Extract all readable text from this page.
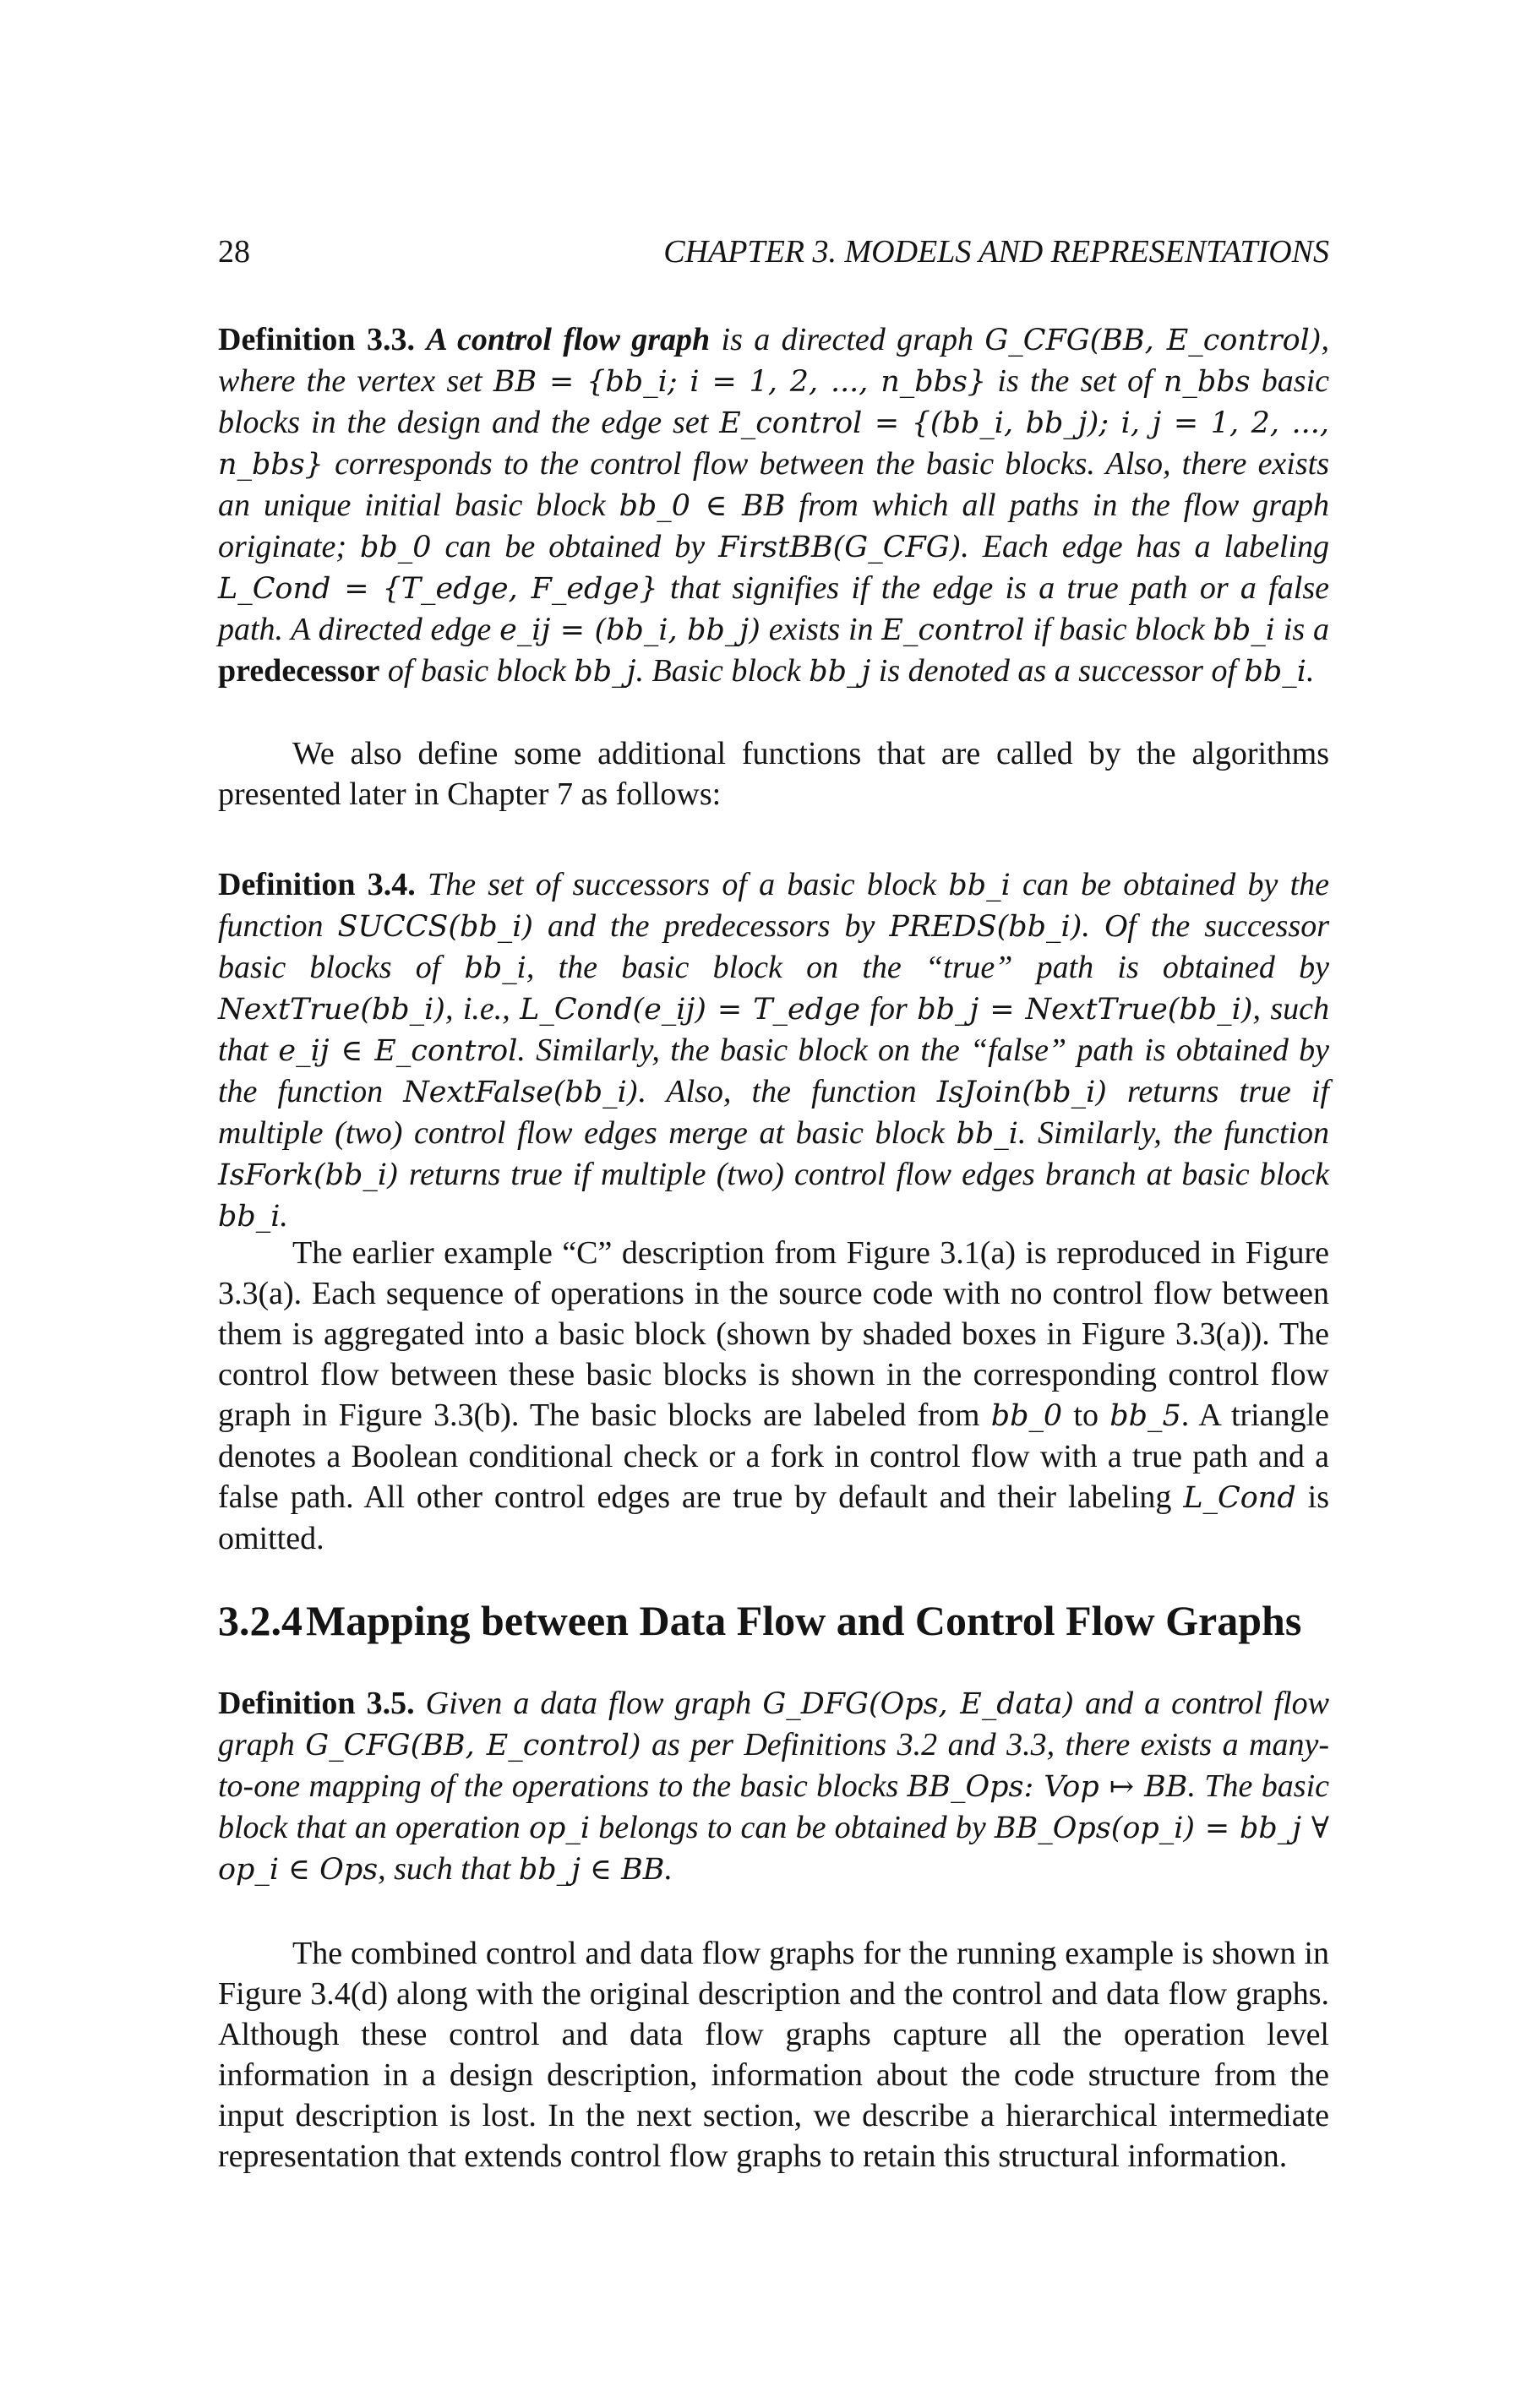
28	CHAPTER 3. MODELS AND REPRESENTATIONS
Definition 3.3. A control flow graph is a directed graph G_CFG(BB, E_control), where the vertex set BB = {bb_i; i = 1, 2, ..., n_bbs} is the set of n_bbs basic blocks in the design and the edge set E_control = {(bb_i, bb_j); i, j = 1, 2, ..., n_bbs} corresponds to the control flow between the basic blocks. Also, there exists an unique initial basic block bb_0 ∈ BB from which all paths in the flow graph originate; bb_0 can be obtained by FirstBB(G_CFG). Each edge has a labeling L_Cond = {T_edge, F_edge} that signifies if the edge is a true path or a false path. A directed edge e_ij = (bb_i, bb_j) exists in E_control if basic block bb_i is a predecessor of basic block bb_j. Basic block bb_j is denoted as a successor of bb_i.
We also define some additional functions that are called by the algorithms presented later in Chapter 7 as follows:
Definition 3.4. The set of successors of a basic block bb_i can be obtained by the function SUCCS(bb_i) and the predecessors by PREDS(bb_i). Of the successor basic blocks of bb_i, the basic block on the “true” path is obtained by NextTrue(bb_i), i.e., L_Cond(e_ij) = T_edge for bb_j = NextTrue(bb_i), such that e_ij ∈ E_control. Similarly, the basic block on the “false” path is obtained by the function NextFalse(bb_i). Also, the function IsJoin(bb_i) returns true if multiple (two) control flow edges merge at basic block bb_i. Similarly, the function IsFork(bb_i) returns true if multiple (two) control flow edges branch at basic block bb_i.
The earlier example “C” description from Figure 3.1(a) is reproduced in Figure 3.3(a). Each sequence of operations in the source code with no control flow between them is aggregated into a basic block (shown by shaded boxes in Figure 3.3(a)). The control flow between these basic blocks is shown in the corresponding control flow graph in Figure 3.3(b). The basic blocks are labeled from bb_0 to bb_5. A triangle denotes a Boolean conditional check or a fork in control flow with a true path and a false path. All other control edges are true by default and their labeling L_Cond is omitted.
3.2.4Mapping between Data Flow and Control Flow Graphs
Definition 3.5. Given a data flow graph G_DFG(Ops, E_data) and a control flow graph G_CFG(BB, E_control) as per Definitions 3.2 and 3.3, there exists a many-to-one mapping of the operations to the basic blocks BB_Ops: Vop ↦ BB. The basic block that an operation op_i belongs to can be obtained by BB_Ops(op_i) = bb_j ∀ op_i ∈ Ops, such that bb_j ∈ BB.
The combined control and data flow graphs for the running example is shown in Figure 3.4(d) along with the original description and the control and data flow graphs. Although these control and data flow graphs capture all the operation level information in a design description, information about the code structure from the input description is lost. In the next section, we describe a hierarchical intermediate representation that extends control flow graphs to retain this structural information.
